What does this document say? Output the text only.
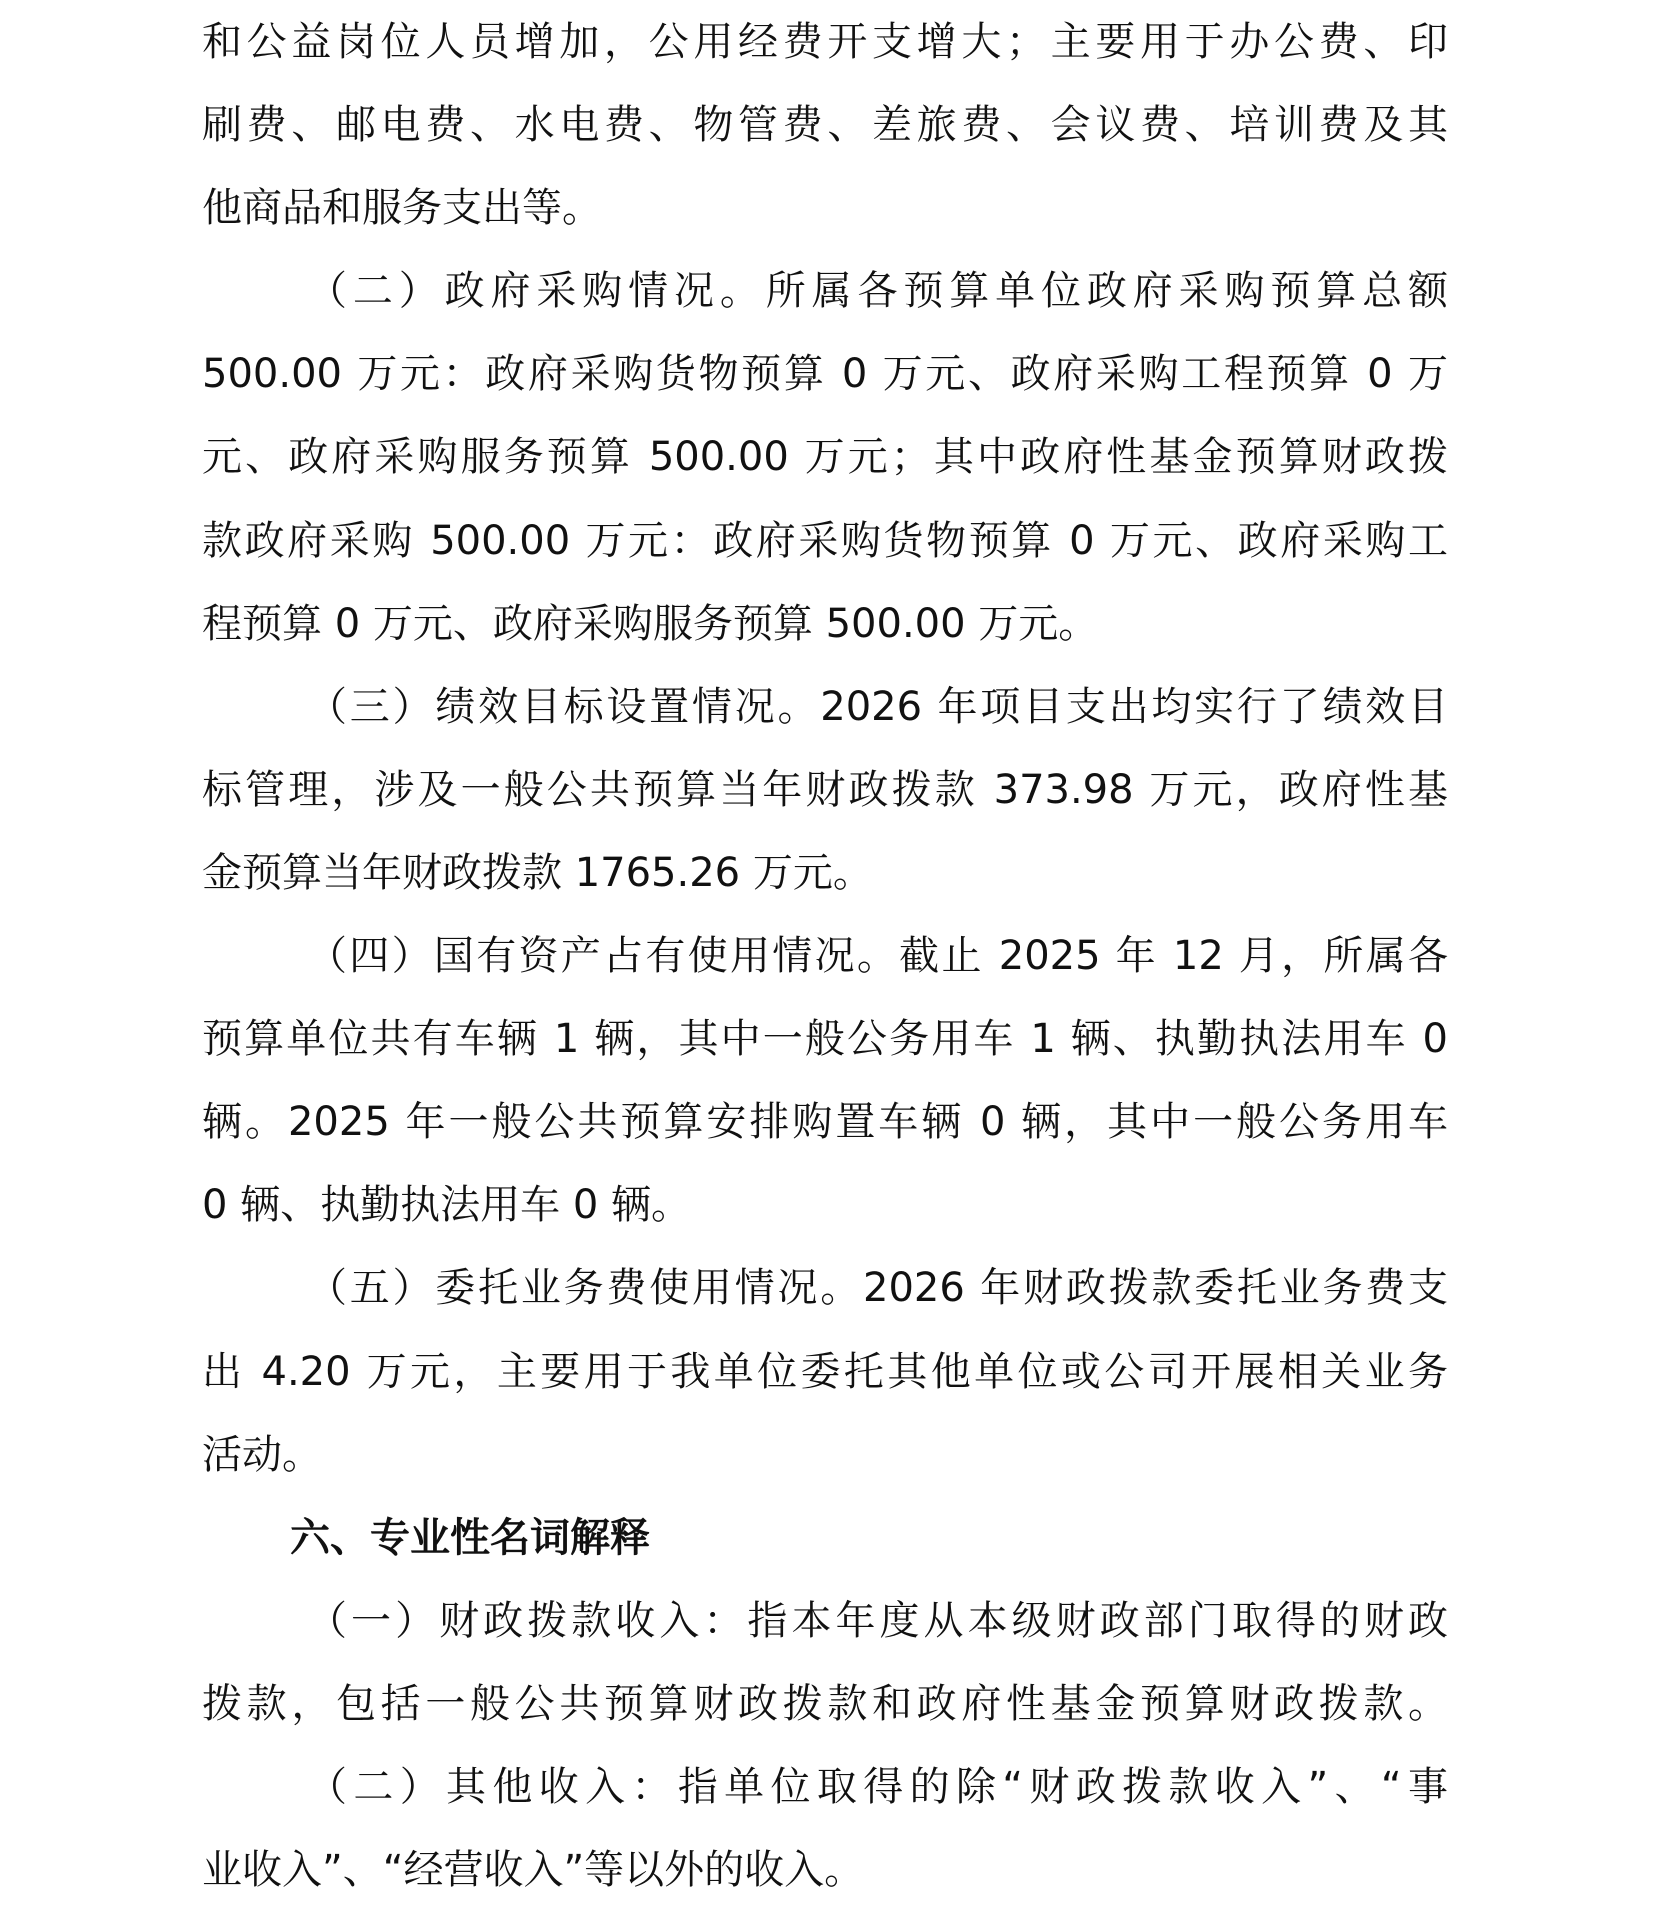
和公益岗位人员增加，公用经费开支增大；主要用于办公费、印
刷费、邮电费、水电费、物管费、差旅费、会议费、培训费及其
他商品和服务支出等。
（二）政府采购情况。所属各预算单位政府采购预算总额
500.00 万元：政府采购货物预算 0 万元、政府采购工程预算 0 万
元、政府采购服务预算 500.00 万元；其中政府性基金预算财政拨
款政府采购 500.00 万元：政府采购货物预算 0 万元、政府采购工
程预算 0 万元、政府采购服务预算 500.00 万元。
（三）绩效目标设置情况。2026 年项目支出均实行了绩效目
标管理，涉及一般公共预算当年财政拨款 373.98 万元，政府性基
金预算当年财政拨款 1765.26 万元。
（四）国有资产占有使用情况。截止 2025 年 12 月，所属各
预算单位共有车辆 1 辆，其中一般公务用车 1 辆、执勤执法用车 0
辆。2025 年一般公共预算安排购置车辆 0 辆，其中一般公务用车
0 辆、执勤执法用车 0 辆。
（五）委托业务费使用情况。2026 年财政拨款委托业务费支
出 4.20 万元，主要用于我单位委托其他单位或公司开展相关业务
活动。
六、专业性名词解释
（一）财政拨款收入：指本年度从本级财政部门取得的财政
拨款，包括一般公共预算财政拨款和政府性基金预算财政拨款。
（二）其他收入：指单位取得的除“财政拨款收入”、“事
业收入”、“经营收入”等以外的收入。
